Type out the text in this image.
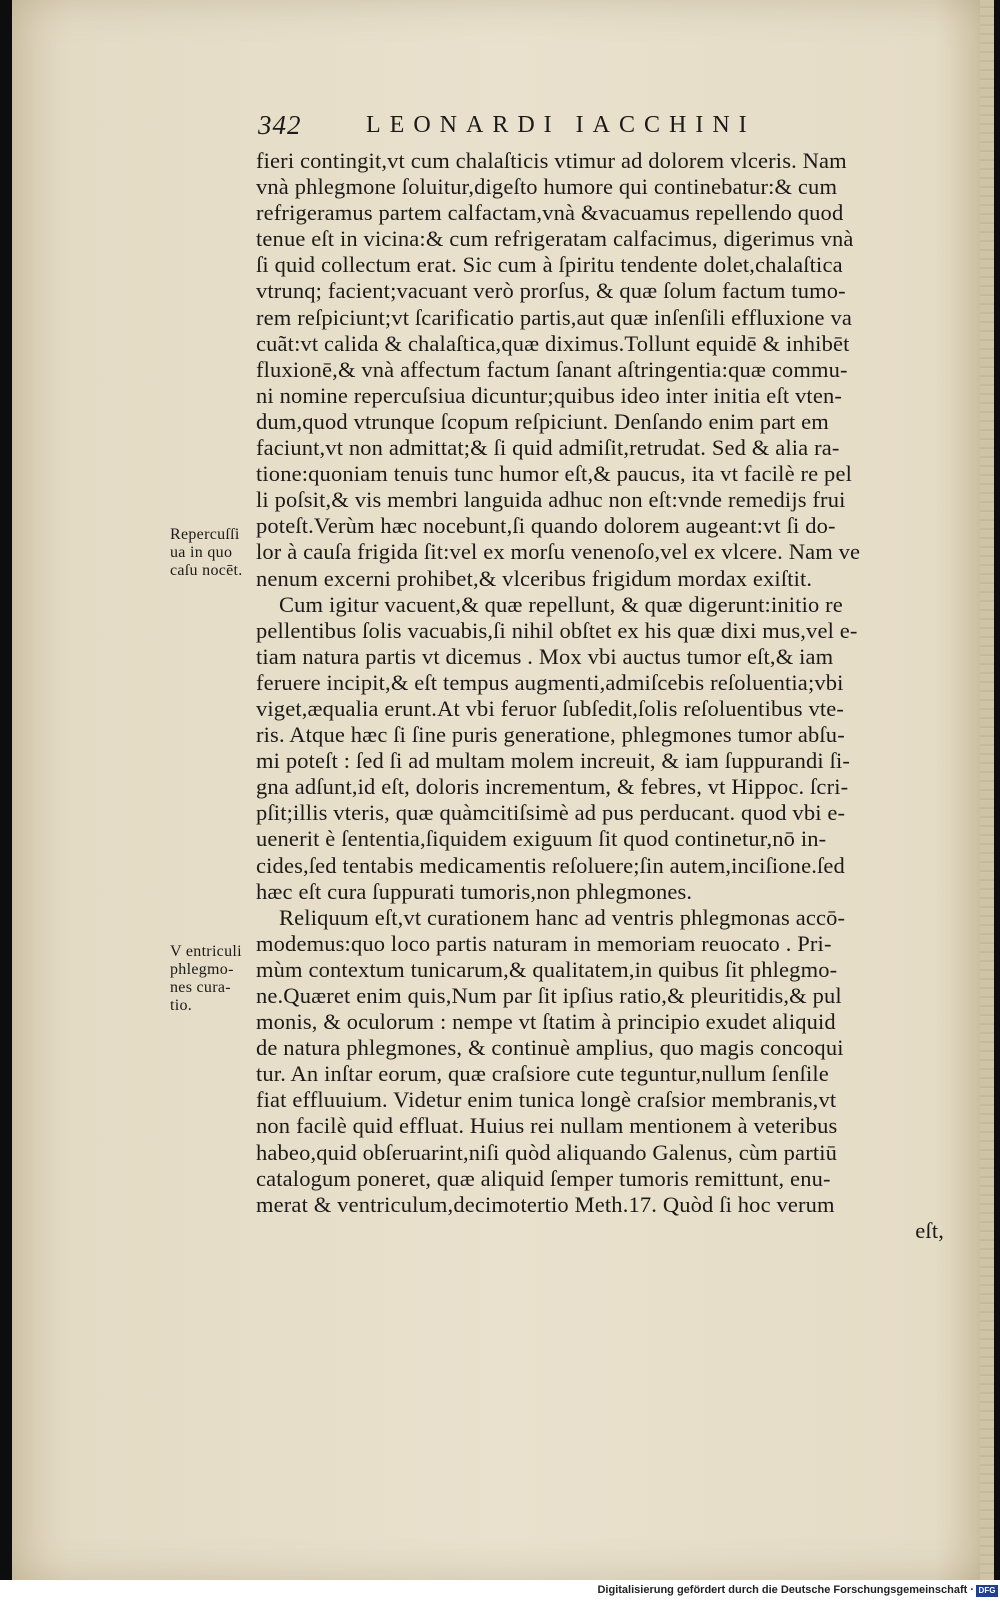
342	LEONARDI IACCHINI
Repercuſſi
ua in quo
caſu nocēt.
V entriculi
phlegmo-
nes cura-
tio.
fieri contingit,vt cum chalaſticis vtimur ad dolorem vlceris. Nam
vnà phlegmone ſoluitur,digeſto humore qui continebatur:& cum
refrigeramus partem calfactam,vnà &vacuamus repellendo quod
tenue eſt in vicina:& cum refrigeratam calfacimus, digerimus vnà
ſi quid collectum erat. Sic cum à ſpiritu tendente dolet,chalaſtica
vtrunq; facient;vacuant verò prorſus, & quæ ſolum factum tumo-
rem reſpiciunt;vt ſcarificatio partis,aut quæ inſenſili effluxione va
cuãt:vt calida & chalaſtica,quæ diximus.Tollunt equidē & inhibēt
fluxionē,& vnà affectum factum ſanant aſtringentia:quæ commu-
ni nomine repercuſsiua dicuntur;quibus ideo inter initia eſt vten-
dum,quod vtrunque ſcopum reſpiciunt. Denſando enim part em
faciunt,vt non admittat;& ſi quid admiſit,retrudat. Sed & alia ra-
tione:quoniam tenuis tunc humor eſt,& paucus, ita vt facilè re pel
li poſsit,& vis membri languida adhuc non eſt:vnde remedijs frui
poteſt.Verùm hæc nocebunt,ſi quando dolorem augeant:vt ſi do-
lor à cauſa frigida ſit:vel ex morſu venenoſo,vel ex vlcere. Nam ve
nenum excerni prohibet,& vlceribus frigidum mordax exiſtit.
Cum igitur vacuent,& quæ repellunt, & quæ digerunt:initio re
pellentibus ſolis vacuabis,ſi nihil obſtet ex his quæ dixi mus,vel e-
tiam natura partis vt dicemus . Mox vbi auctus tumor eſt,& iam
feruere incipit,& eſt tempus augmenti,admiſcebis reſoluentia;vbi
viget,æqualia erunt.At vbi feruor ſubſedit,ſolis reſoluentibus vte-
ris. Atque hæc ſi ſine puris generatione, phlegmones tumor abſu-
mi poteſt : ſed ſi ad multam molem increuit, & iam ſuppurandi ſi-
gna adſunt,id eſt, doloris incrementum, & febres, vt Hippoc. ſcri-
pſit;illis vteris, quæ quàmcitiſsimè ad pus perducant. quod vbi e-
uenerit è ſententia,ſiquidem exiguum ſit quod continetur,nō in-
cides,ſed tentabis medicamentis reſoluere;ſin autem,inciſione.ſed
hæc eſt cura ſuppurati tumoris,non phlegmones.
Reliquum eſt,vt curationem hanc ad ventris phlegmonas accō-
modemus:quo loco partis naturam in memoriam reuocato . Pri-
mùm contextum tunicarum,& qualitatem,in quibus ſit phlegmo-
ne.Quæret enim quis,Num par ſit ipſius ratio,& pleuritidis,& pul
monis, & oculorum : nempe vt ſtatim à principio exudet aliquid
de natura phlegmones, & continuè amplius, quo magis concoqui
tur. An inſtar eorum, quæ craſsiore cute teguntur,nullum ſenſile
fiat effluuium. Videtur enim tunica longè craſsior membranis,vt
non facilè quid effluat. Huius rei nullam mentionem à veteribus
habeo,quid obſeruarint,niſi quòd aliquando Galenus, cùm partiū
catalogum poneret, quæ aliquid ſemper tumoris remittunt, enu-
merat & ventriculum,decimotertio Meth.17. Quòd ſi hoc verum
eſt,
Digitalisierung gefördert durch die Deutsche Forschungsgemeinschaft · DFG
